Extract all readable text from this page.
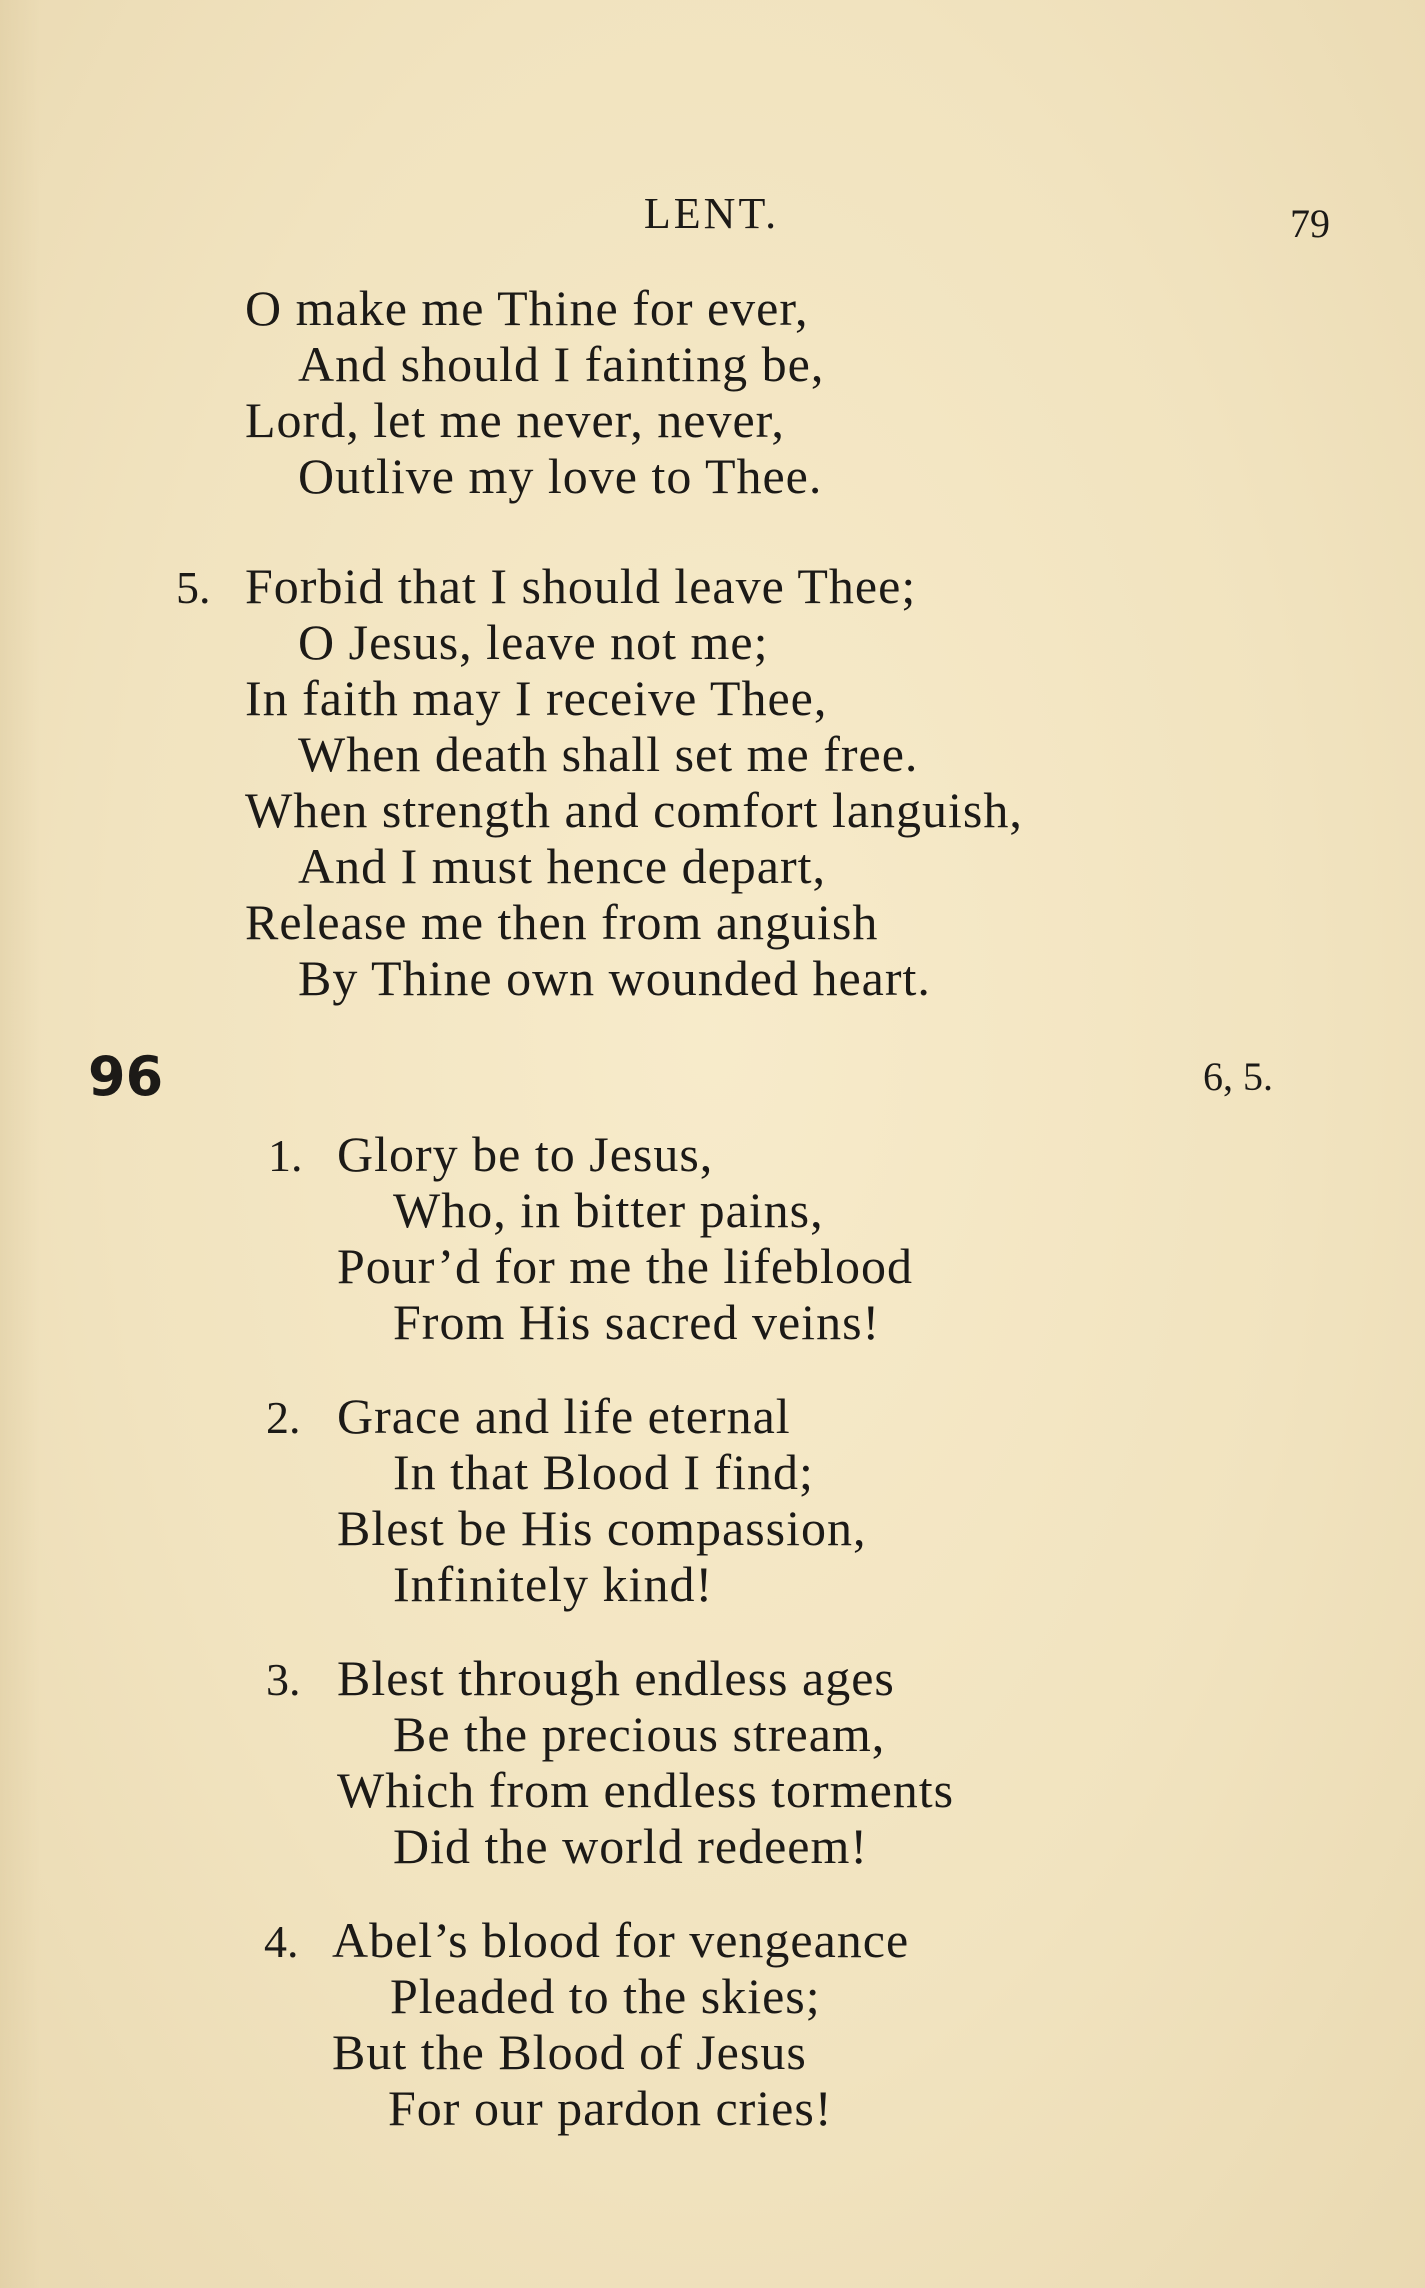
LENT.	79
O make me Thine for ever,
And should I fainting be,
Lord, let me never, never,
Outlive my love to Thee.
5. Forbid that I should leave Thee;
O Jesus, leave not me;
In faith may I receive Thee,
When death shall set me free.
When strength and comfort languish,
And I must hence depart,
Release me then from anguish
By Thine own wounded heart.
96	6, 5.
1. Glory be to Jesus,
Who, in bitter pains,
Pour’d for me the lifeblood
From His sacred veins!
2. Grace and life eternal
In that Blood I find;
Blest be His compassion,
Infinitely kind!
3. Blest through endless ages
Be the precious stream,
Which from endless torments
Did the world redeem!
4. Abel’s blood for vengeance
Pleaded to the skies;
But the Blood of Jesus
For our pardon cries!
